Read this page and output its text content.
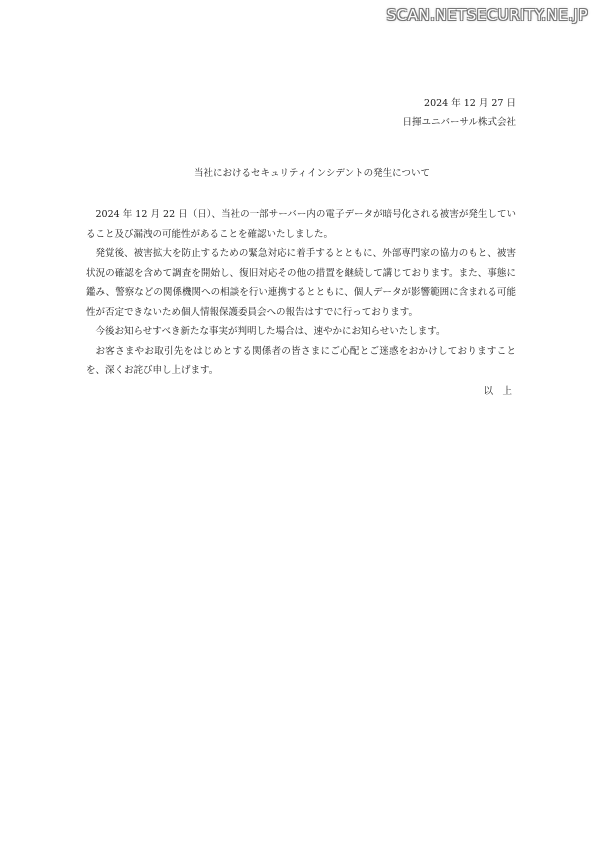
SCAN.NETSECURITY.NE.JP
2024 年 12 月 27 日
日揮ユニバーサル株式会社
当社におけるセキュリティインシデントの発生について

2024 年 12 月 22 日（日）、当社の一部サーバー内の電子データが暗号化される被害が発生していること及び漏洩の可能性があることを確認いたしました。

発覚後、被害拡大を防止するための緊急対応に着手するとともに、外部専門家の協力のもと、被害状況の確認を含めて調査を開始し、復旧対応その他の措置を継続して講じております。また、事態に鑑み、警察などの関係機関への相談を行い連携するとともに、個人データが影響範囲に含まれる可能性が否定できないため個人情報保護委員会への報告はすでに行っております。

今後お知らせすべき新たな事実が判明した場合は、速やかにお知らせいたします。

お客さまやお取引先をはじめとする関係者の皆さまにご心配とご迷惑をおかけしておりますことを、深くお詫び申し上げます。

以　上
